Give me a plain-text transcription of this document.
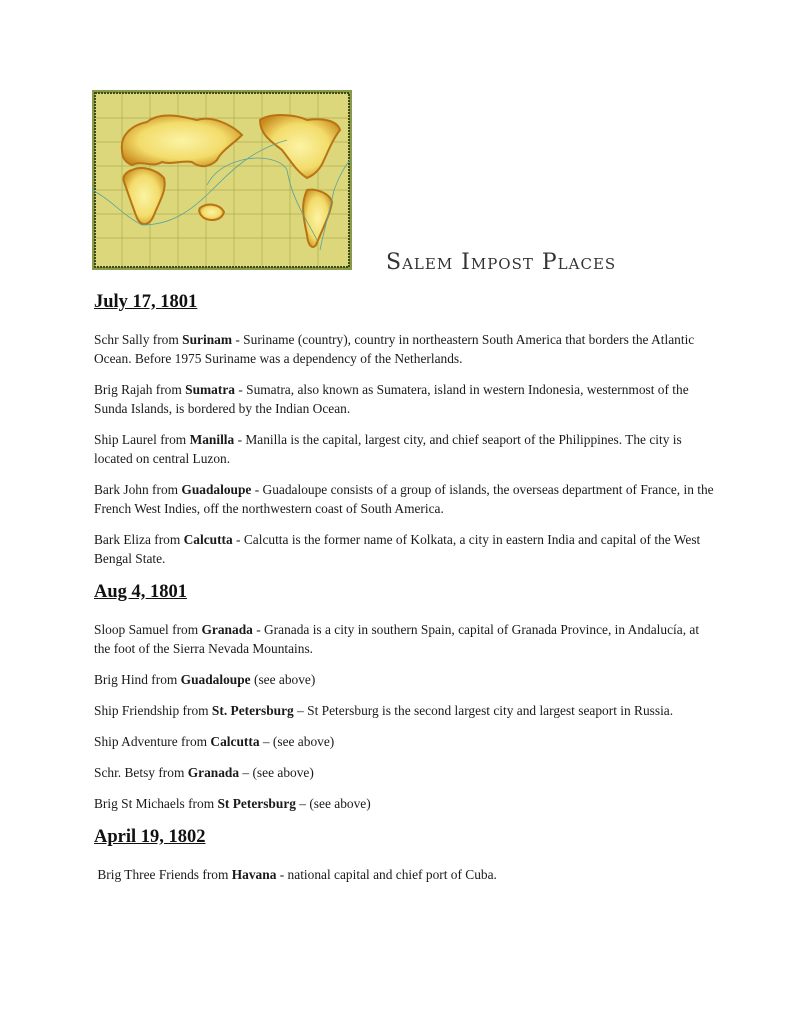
Salem Impost Places
July 17, 1801

Schr Sally from Surinam - Suriname (country), country in northeastern South America that borders the Atlantic Ocean. Before 1975 Suriname was a dependency of the Netherlands.

Brig Rajah from Sumatra - Sumatra, also known as Sumatera, island in western Indonesia, westernmost of the Sunda Islands, is bordered by the Indian Ocean.

Ship Laurel from Manilla - Manilla is the capital, largest city, and chief seaport of the Philippines. The city is located on central Luzon.

Bark John from Guadaloupe - Guadaloupe consists of a group of islands, the overseas department of France, in the French West Indies, off the northwestern coast of South America.

Bark Eliza from Calcutta - Calcutta is the former name of Kolkata, a city in eastern India and capital of the West Bengal State.

Aug 4, 1801

Sloop Samuel from Granada - Granada is a city in southern Spain, capital of Granada Province, in Andalucía, at the foot of the Sierra Nevada Mountains.

Brig Hind from Guadaloupe (see above)

Ship Friendship from St. Petersburg – St Petersburg is the second largest city and largest seaport in Russia.

Ship Adventure from Calcutta – (see above)

Schr. Betsy from Granada – (see above)

Brig St Michaels from St Petersburg – (see above)

April 19, 1802

Brig Three Friends from Havana - national capital and chief port of Cuba.
